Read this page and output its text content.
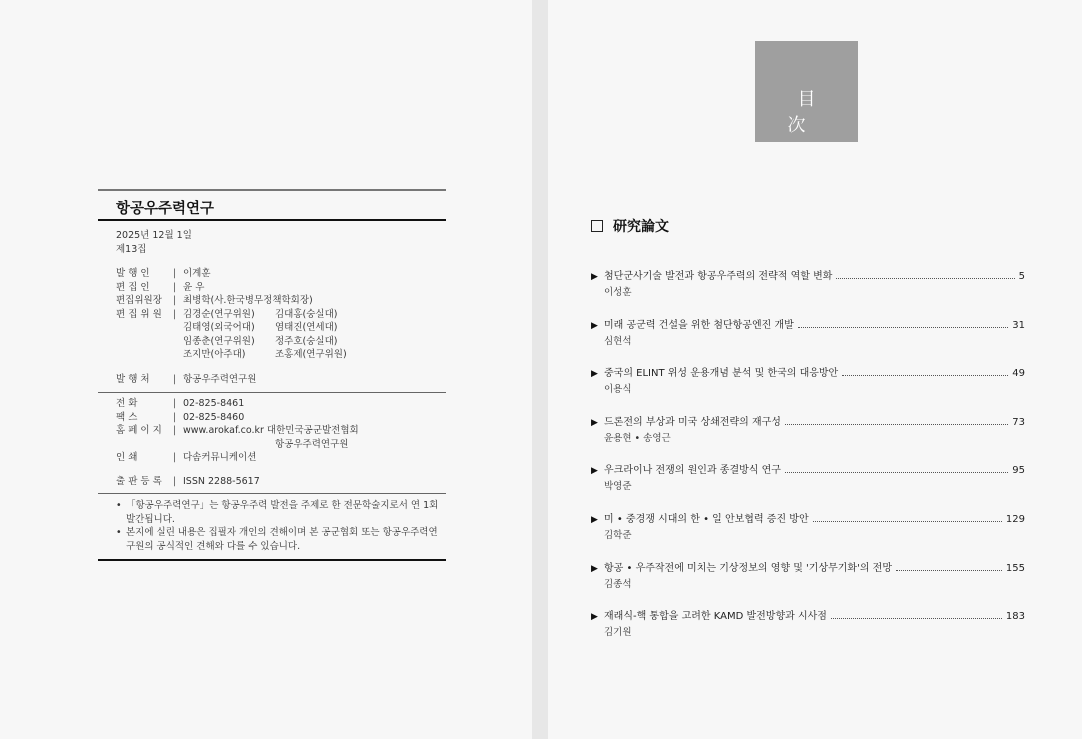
항공우주력연구
2025년 12월 1일
제13집
발 행 인	| 이계훈
편 집 인	| 윤 우
편집위원장	| 최병학(사.한국병무정책학회장)
편 집 위 원	| 김경순(연구위원)	김대홍(숭실대)
김태영(외국어대)	염태진(연세대)
임종춘(연구위원)	정주호(숭실대)
조지만(아주대)	조홍제(연구위원)
발 행 처	| 항공우주력연구원
전 화	| 02-825-8461
팩 스	| 02-825-8460
홈 페 이 지	| www.arokaf.co.kr 대한민국공군발전협회
항공우주력연구원
인 쇄	| 다솜커뮤니케이션
출 판 등 록	| ISSN 2288-5617
• 「항공우주력연구」는 항공우주력 발전을 주제로 한 전문학술지로서 연 1회 발간됩니다.
• 본지에 실린 내용은 집필자 개인의 견해이며 본 공군협회 또는 항공우주력연구원의 공식적인 견해와 다를 수 있습니다.
目 次
研究論文
▶ 첨단군사기술 발전과 항공우주력의 전략적 역할 변화	5
이성훈
▶ 미래 공군력 건설을 위한 첨단항공엔진 개발	31
심현석
▶ 중국의 ELINT 위성 운용개념 분석 및 한국의 대응방안	49
이용식
▶ 드론전의 부상과 미국 상쇄전략의 재구성	73
윤용현 • 송영근
▶ 우크라이나 전쟁의 원인과 종결방식 연구	95
박영준
▶ 미 • 중경쟁 시대의 한 • 일 안보협력 증진 방안	129
김학준
▶ 항공 • 우주작전에 미치는 기상정보의 영향 및 '기상무기화'의 전망	155
김종석
▶ 재래식-핵 통합을 고려한 KAMD 발전방향과 시사점	183
김기원
